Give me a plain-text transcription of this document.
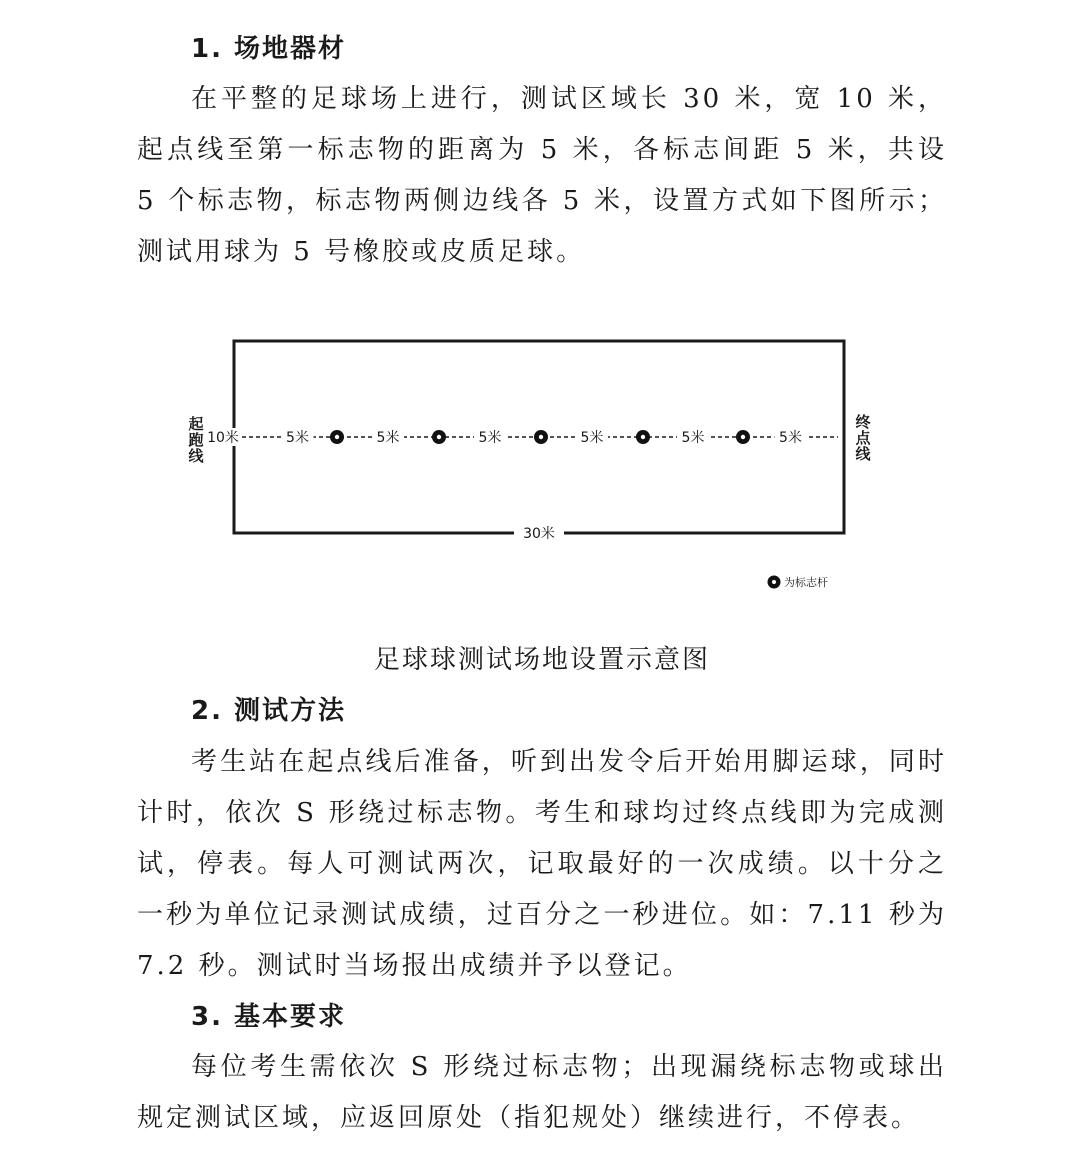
1. 场地器材
在平整的足球场上进行，测试区域长 30 米，宽 10 米，起点线至第一标志物的距离为 5 米，各标志间距 5 米，共设 5 个标志物，标志物两侧边线各 5 米，设置方式如下图所示；测试用球为 5 号橡胶或皮质足球。
足球球测试场地设置示意图
2. 测试方法
考生站在起点线后准备，听到出发令后开始用脚运球，同时计时，依次 S 形绕过标志物。考生和球均过终点线即为完成测试，停表。每人可测试两次，记取最好的一次成绩。以十分之一秒为单位记录测试成绩，过百分之一秒进位。如：7.11 秒为 7.2 秒。测试时当场报出成绩并予以登记。
3. 基本要求
每位考生需依次 S 形绕过标志物；出现漏绕标志物或球出规定测试区域，应返回原处（指犯规处）继续进行，不停表。
起
跑
线
终
点
线
10米	5米	5米	5米	5米	5米	5米
30米
为标志杆
